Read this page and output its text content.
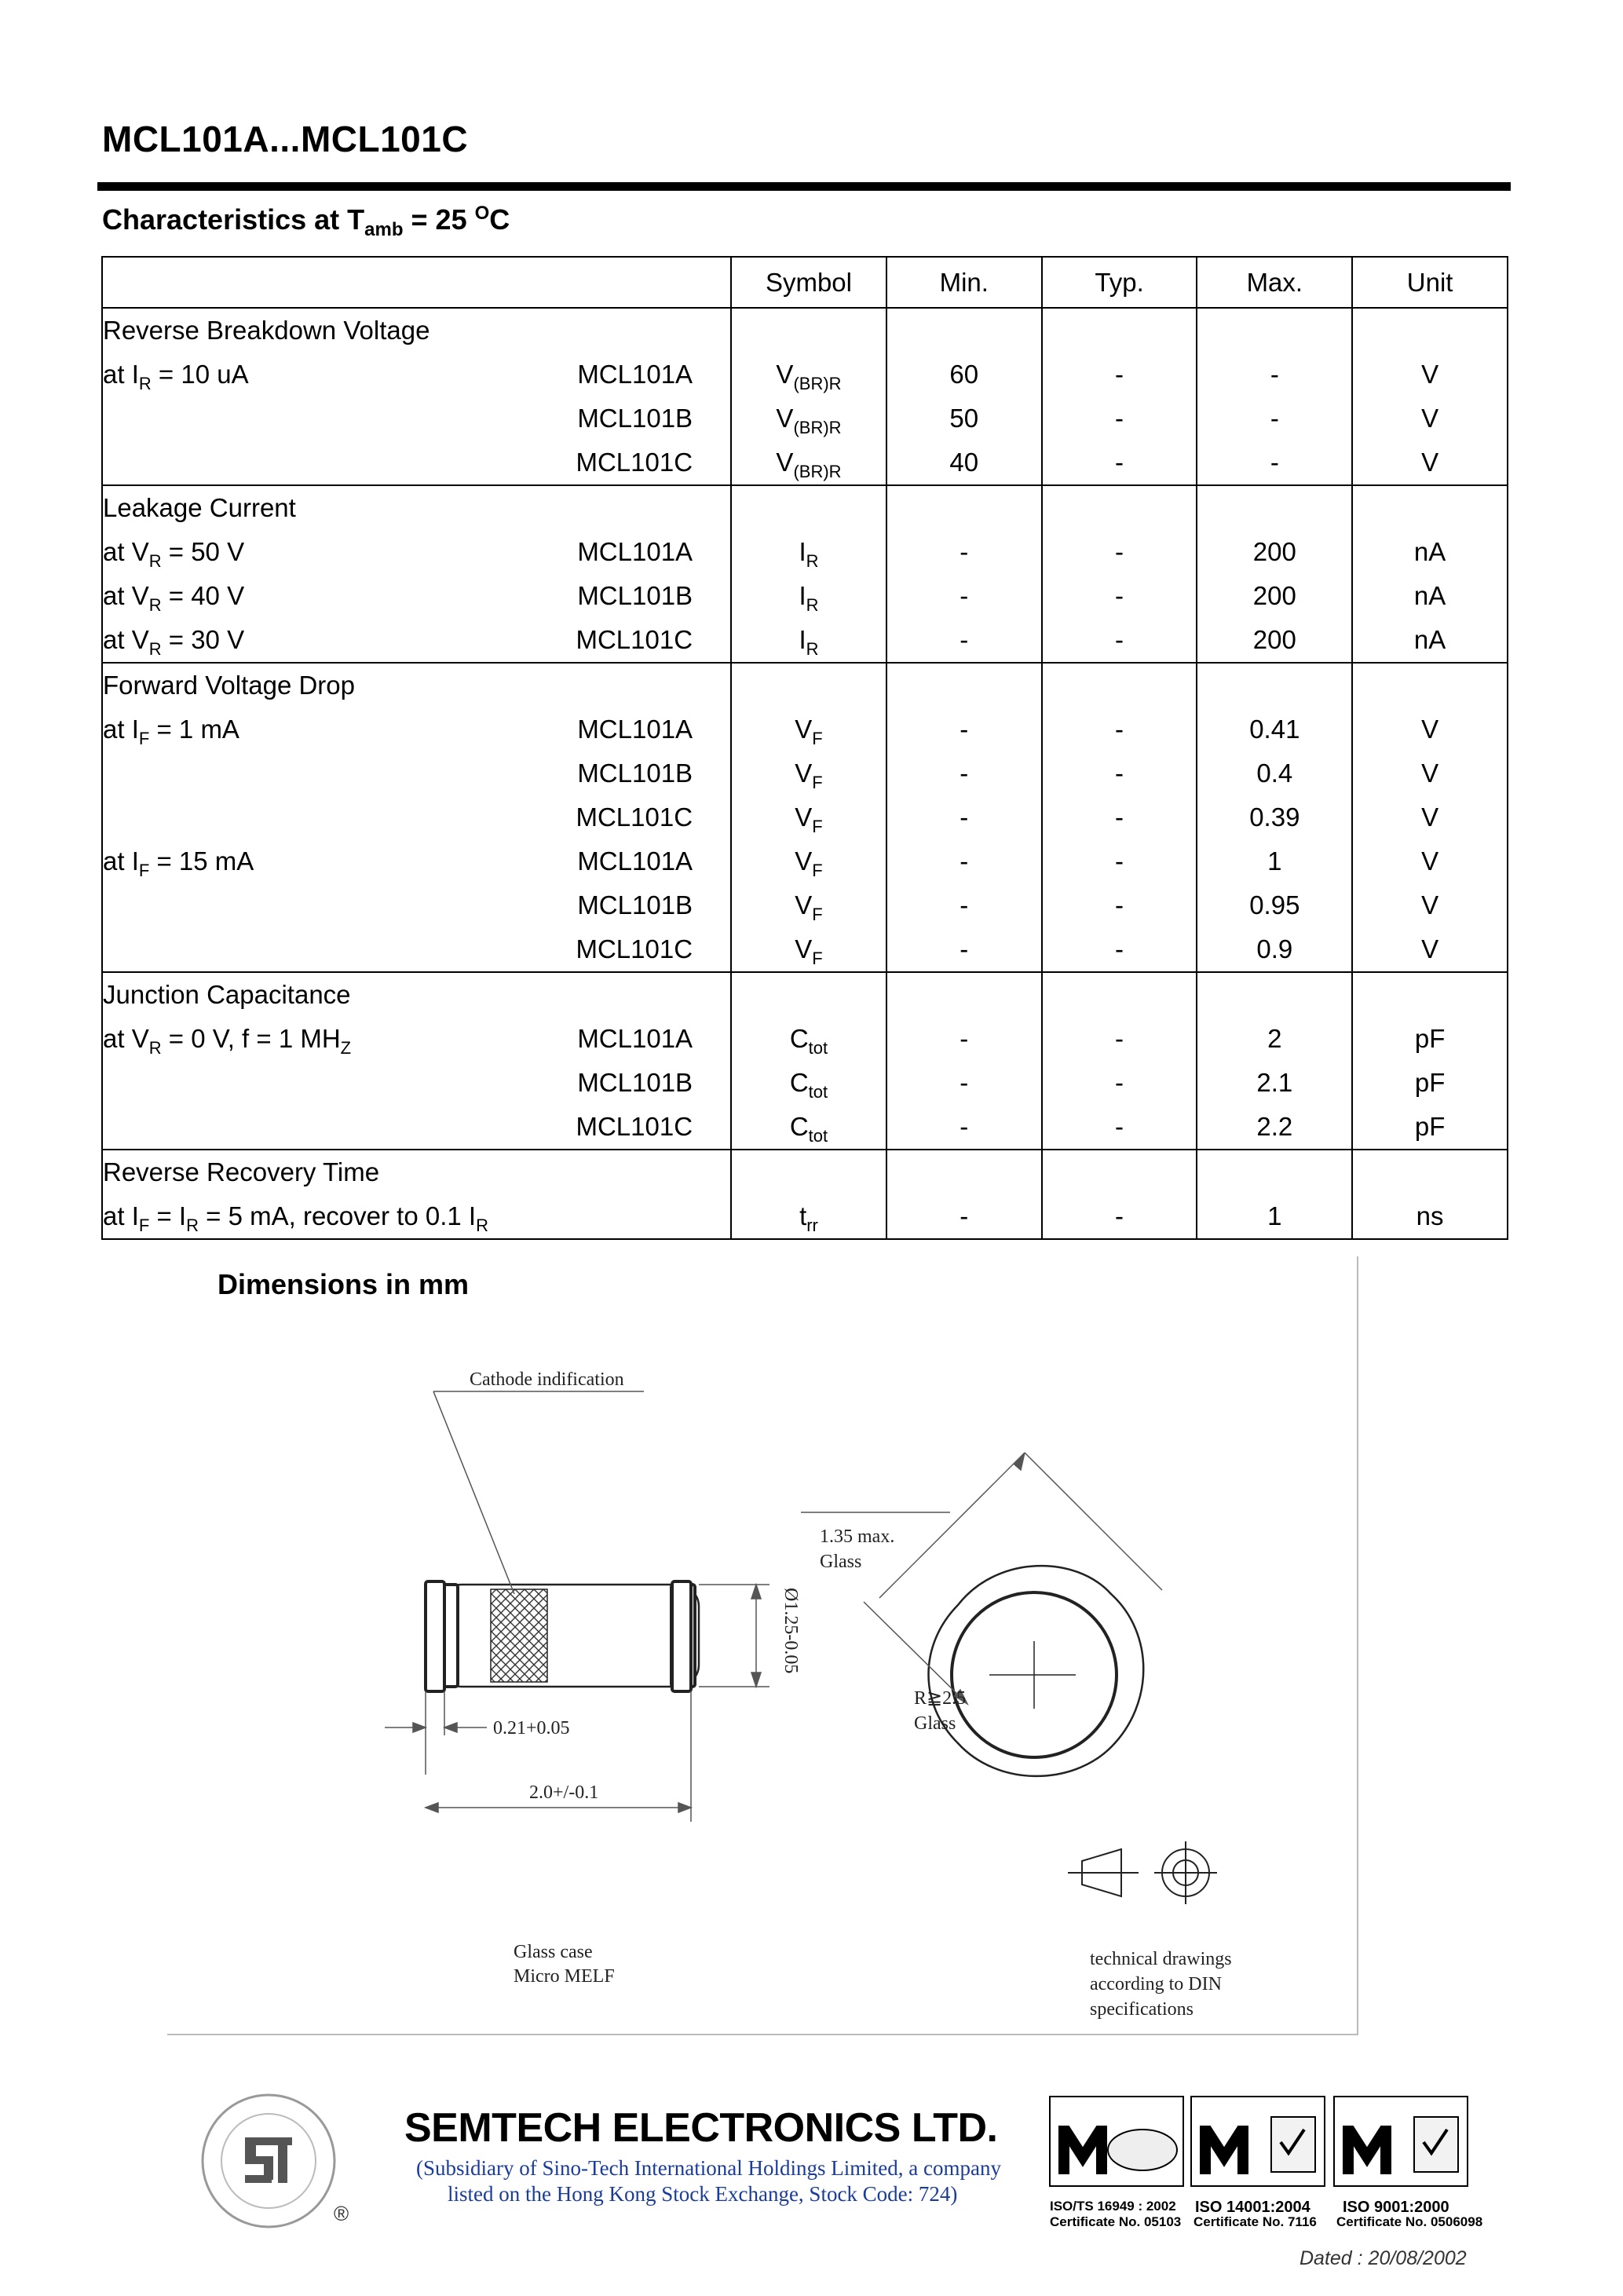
MCL101A...MCL101C
Characteristics at $T_{amb} = 25$ $^O$C
	Symbol	Min.	Typ.	Max.	Unit
Reverse Breakdown Voltage					

at $I_R = 10$ uA MCL101A	$V_{(BR)R}$	60	-	-	V

MCL101B	$V_{(BR)R}$	50	-	-	V

MCL101C	$V_{(BR)R}$	40	-	-	V
Leakage Current					

at $V_R = 50$ V MCL101A	$I_R$	-	-	200	nA

at $V_R = 40$ V MCL101B	$I_R$	-	-	200	nA

at $V_R = 30$ V MCL101C	$I_R$	-	-	200	nA
Forward Voltage Drop					

at $I_F = 1$ mA MCL101A	$V_F$	-	-	0.41	V

MCL101B	$V_F$	-	-	0.4	V

MCL101C	$V_F$	-	-	0.39	V

at $I_F = 15$ mA MCL101A	$V_F$	-	-	1	V

MCL101B	$V_F$	-	-	0.95	V

MCL101C	$V_F$	-	-	0.9	V
Junction Capacitance					

at $V_R = 0$ V, f = 1 $MH_Z$ MCL101A	$C_{tot}$	-	-	2	pF

MCL101B	$C_{tot}$	-	-	2.1	pF

MCL101C	$C_{tot}$	-	-	2.2	pF
Reverse Recovery Time					

at $I_F = I_R = 5$ mA, recover to 0.1 $I_R$	$t_{rr}$	-	-	1	ns
Dimensions in mm
Cathode indification
Ø1.25-0.05
0.21+0.05
2.0+/-0.1
Glass case
Micro MELF
1.35 max.
Glass
R≧2.5
Glass
technical drawings
according to DIN
specifications
®
SEMTECH ELECTRONICS LTD.
(Subsidiary of Sino-Tech International Holdings Limited, a company
listed on the Hong Kong Stock Exchange, Stock Code: 724)
ISO/TS 16949 : 2002
Certificate No. 05103
ISO 14001:2004
Certificate No. 7116
ISO 9001:2000
Certificate No. 0506098
Dated : 20/08/2002
